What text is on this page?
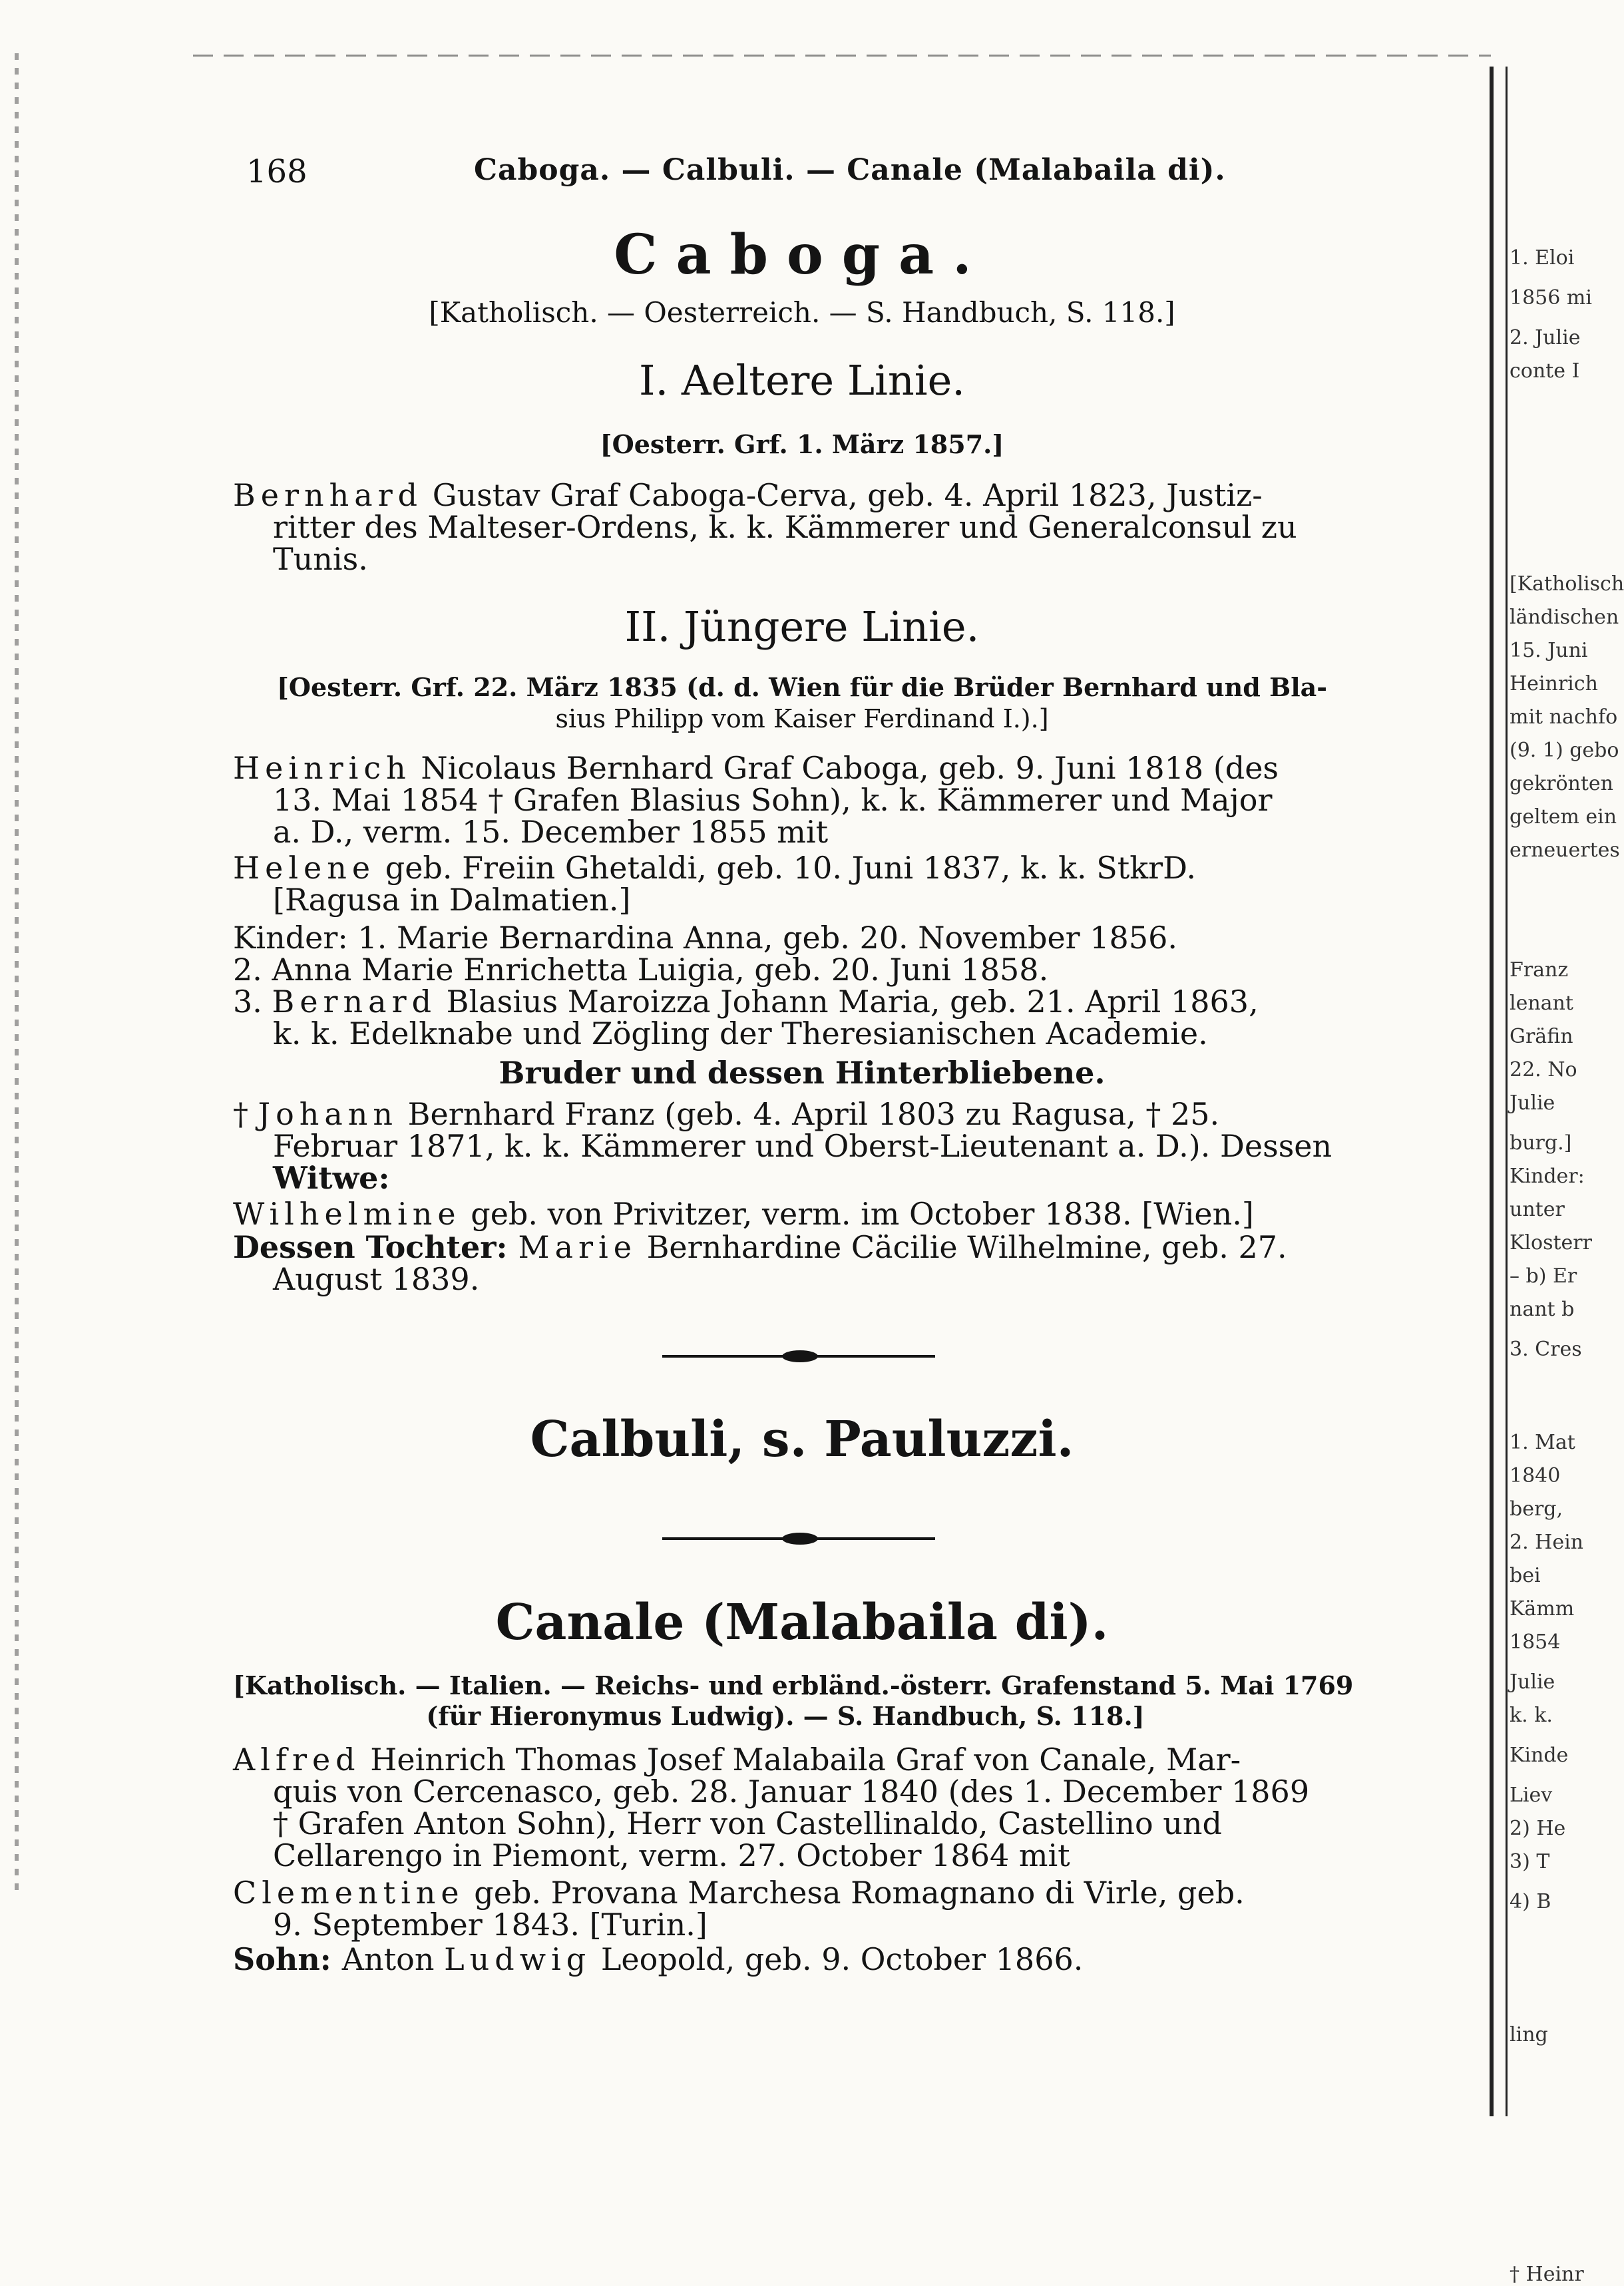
168	Caboga. — Calbuli. — Canale (Malabaila di).
Caboga.
[Katholisch. — Oesterreich. — S. Handbuch, S. 118.]
I. Aeltere Linie.
[Oesterr. Grf. 1. März 1857.]
Bernhard Gustav Graf Caboga-Cerva, geb. 4. April 1823, Justiz-
ritter des Malteser-Ordens, k. k. Kämmerer und Generalconsul zu
Tunis.
II. Jüngere Linie.
[Oesterr. Grf. 22. März 1835 (d. d. Wien für die Brüder Bernhard und Bla-
sius Philipp vom Kaiser Ferdinand I.).]
Heinrich Nicolaus Bernhard Graf Caboga, geb. 9. Juni 1818 (des
13. Mai 1854 † Grafen Blasius Sohn), k. k. Kämmerer und Major
a. D., verm. 15. December 1855 mit
Helene geb. Freiin Ghetaldi, geb. 10. Juni 1837, k. k. StkrD.
[Ragusa in Dalmatien.]
Kinder: 1. Marie Bernardina Anna, geb. 20. November 1856.
2. Anna Marie Enrichetta Luigia, geb. 20. Juni 1858.
3. Bernard Blasius Maroizza Johann Maria, geb. 21. April 1863,
k. k. Edelknabe und Zögling der Theresianischen Academie.
Bruder und dessen Hinterbliebene.
† Johann Bernhard Franz (geb. 4. April 1803 zu Ragusa, † 25.
Februar 1871, k. k. Kämmerer und Oberst-Lieutenant a. D.). Dessen
Witwe:
Wilhelmine geb. von Privitzer, verm. im October 1838. [Wien.]
Dessen Tochter: Marie Bernhardine Cäcilie Wilhelmine, geb. 27.
August 1839.
Calbuli, s. Pauluzzi.
Canale (Malabaila di).
[Katholisch. — Italien. — Reichs- und erbländ.-österr. Grafenstand 5. Mai 1769
(für Hieronymus Ludwig). — S. Handbuch, S. 118.]
Alfred Heinrich Thomas Josef Malabaila Graf von Canale, Mar-
quis von Cercenasco, geb. 28. Januar 1840 (des 1. December 1869
† Grafen Anton Sohn), Herr von Castellinaldo, Castellino und
Cellarengo in Piemont, verm. 27. October 1864 mit
Clementine geb. Provana Marchesa Romagnano di Virle, geb.
9. September 1843. [Turin.]
Sohn: Anton Ludwig Leopold, geb. 9. October 1866.
1. Eloi
1856 mi
2. Julie
conte I
[Katholisch
ländischen
15. Juni
Heinrich
mit nachfo
(9. 1) gebo
gekrönten
geltem ein
erneuertes
Franz
lenant
Gräfin
22. No
Julie
burg.]
Kinder:
unter
Klosterr
– b) Er
nant b
3. Cres
1. Mat
1840
berg,
2. Hein
bei
Kämm
1854
Julie
k. k.
Kinde
Liev
2) He
3) T
4) B
ling
† Heinr
